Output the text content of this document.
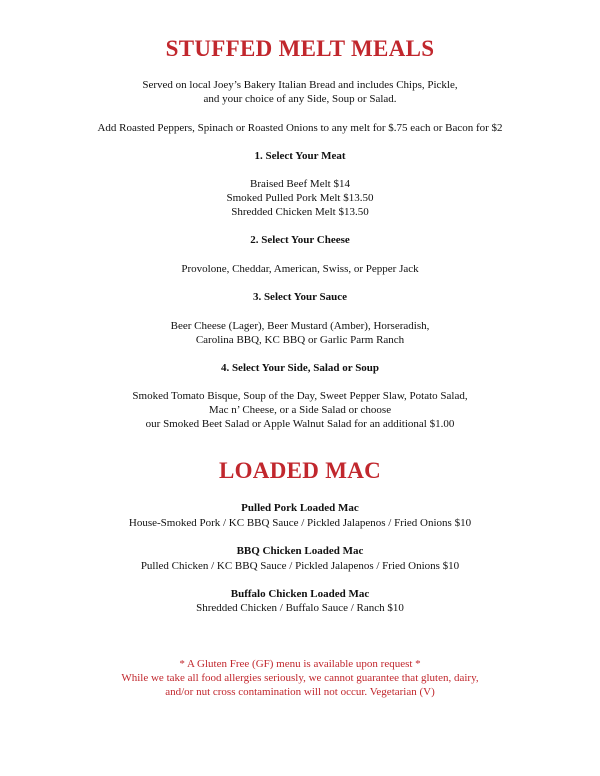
STUFFED MELT MEALS
Served on local Joey’s Bakery Italian Bread and includes Chips, Pickle,
and your choice of any Side, Soup or Salad.
Add Roasted Peppers, Spinach or Roasted Onions to any melt for $.75 each or Bacon for $2
1. Select Your Meat
Braised Beef Melt $14
Smoked Pulled Pork Melt $13.50
Shredded Chicken Melt $13.50
2. Select Your Cheese
Provolone, Cheddar, American, Swiss, or Pepper Jack
3. Select Your Sauce
Beer Cheese (Lager), Beer Mustard (Amber), Horseradish,
Carolina BBQ, KC BBQ or Garlic Parm Ranch
4. Select Your Side, Salad or Soup
Smoked Tomato Bisque, Soup of the Day, Sweet Pepper Slaw, Potato Salad,
Mac n’ Cheese, or a Side Salad or choose
our Smoked Beet Salad or Apple Walnut Salad for an additional $1.00
LOADED MAC
Pulled Pork Loaded Mac
House-Smoked Pork / KC BBQ Sauce / Pickled Jalapenos / Fried Onions $10
BBQ Chicken Loaded Mac
Pulled Chicken / KC BBQ Sauce / Pickled Jalapenos / Fried Onions $10
Buffalo Chicken Loaded Mac
Shredded Chicken / Buffalo Sauce / Ranch $10
* A Gluten Free (GF) menu is available upon request *
While we take all food allergies seriously, we cannot guarantee that gluten, dairy,
and/or nut cross contamination will not occur. Vegetarian (V)
